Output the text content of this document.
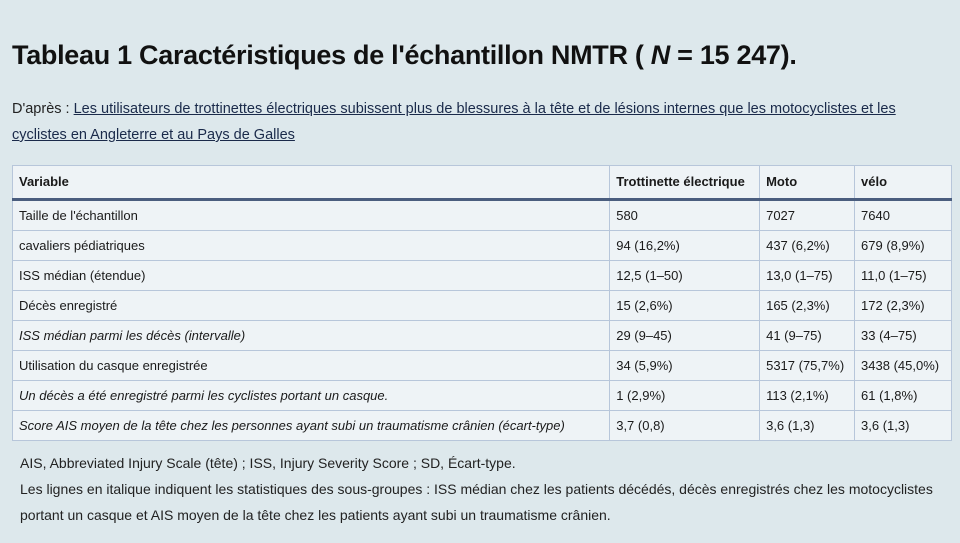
Tableau 1 Caractéristiques de l'échantillon NMTR ( N = 15 247).
D'après : Les utilisateurs de trottinettes électriques subissent plus de blessures à la tête et de lésions internes que les motocyclistes et les cyclistes en Angleterre et au Pays de Galles
Variable	Trottinette électrique	Moto	vélo
Taille de l'échantillon	580	7027	7640
cavaliers pédiatriques	94 (16,2%)	437 (6,2%)	679 (8,9%)
ISS médian (étendue)	12,5 (1–50)	13,0 (1–75)	11,0 (1–75)
Décès enregistré	15 (2,6%)	165 (2,3%)	172 (2,3%)
ISS médian parmi les décès (intervalle)	29 (9–45)	41 (9–75)	33 (4–75)
Utilisation du casque enregistrée	34 (5,9%)	5317 (75,7%)	3438 (45,0%)
Un décès a été enregistré parmi les cyclistes portant un casque.	1 (2,9%)	113 (2,1%)	61 (1,8%)
Score AIS moyen de la tête chez les personnes ayant subi un traumatisme crânien (écart-type)	3,7 (0,8)	3,6 (1,3)	3,6 (1,3)
AIS, Abbreviated Injury Scale (tête) ; ISS, Injury Severity Score ; SD, Écart-type.
Les lignes en italique indiquent les statistiques des sous-groupes : ISS médian chez les patients décédés, décès enregistrés chez les motocyclistes portant un casque et AIS moyen de la tête chez les patients ayant subi un traumatisme crânien.
